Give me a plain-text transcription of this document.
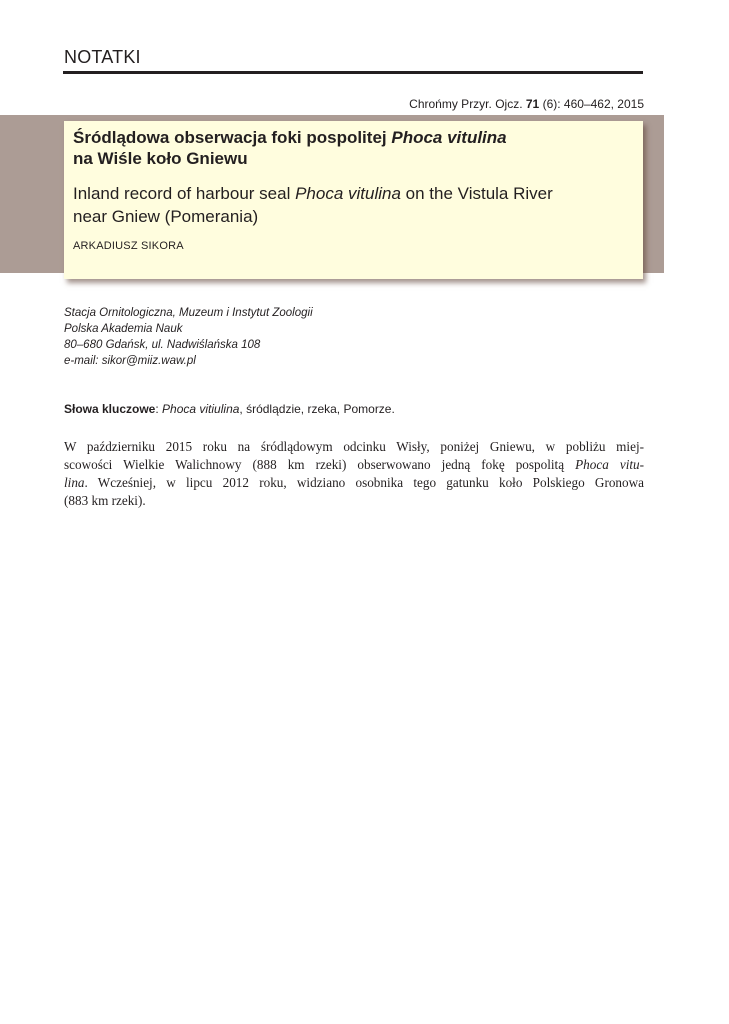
NOTATKI
Chrońmy Przyr. Ojcz. 71 (6): 460–462, 2015
Śródlądowa obserwacja foki pospolitej Phoca vitulina
na Wiśle koło Gniewu
Inland record of harbour seal Phoca vitulina on the Vistula River
near Gniew (Pomerania)
ARKADIUSZ SIKORA
Stacja Ornitologiczna, Muzeum i Instytut Zoologii
Polska Akademia Nauk
80–680 Gdańsk, ul. Nadwiślańska 108
e-mail: sikor@miiz.waw.pl
Słowa kluczowe: Phoca vitiulina, śródlądzie, rzeka, Pomorze.
W październiku 2015 roku na śródlądowym odcinku Wisły, poniżej Gniewu, w pobliżu miej-
scowości Wielkie Walichnowy (888 km rzeki) obserwowano jedną fokę pospolitą Phoca vitu-
lina. Wcześniej, w lipcu 2012 roku, widziano osobnika tego gatunku koło Polskiego Gronowa
(883 km rzeki).
